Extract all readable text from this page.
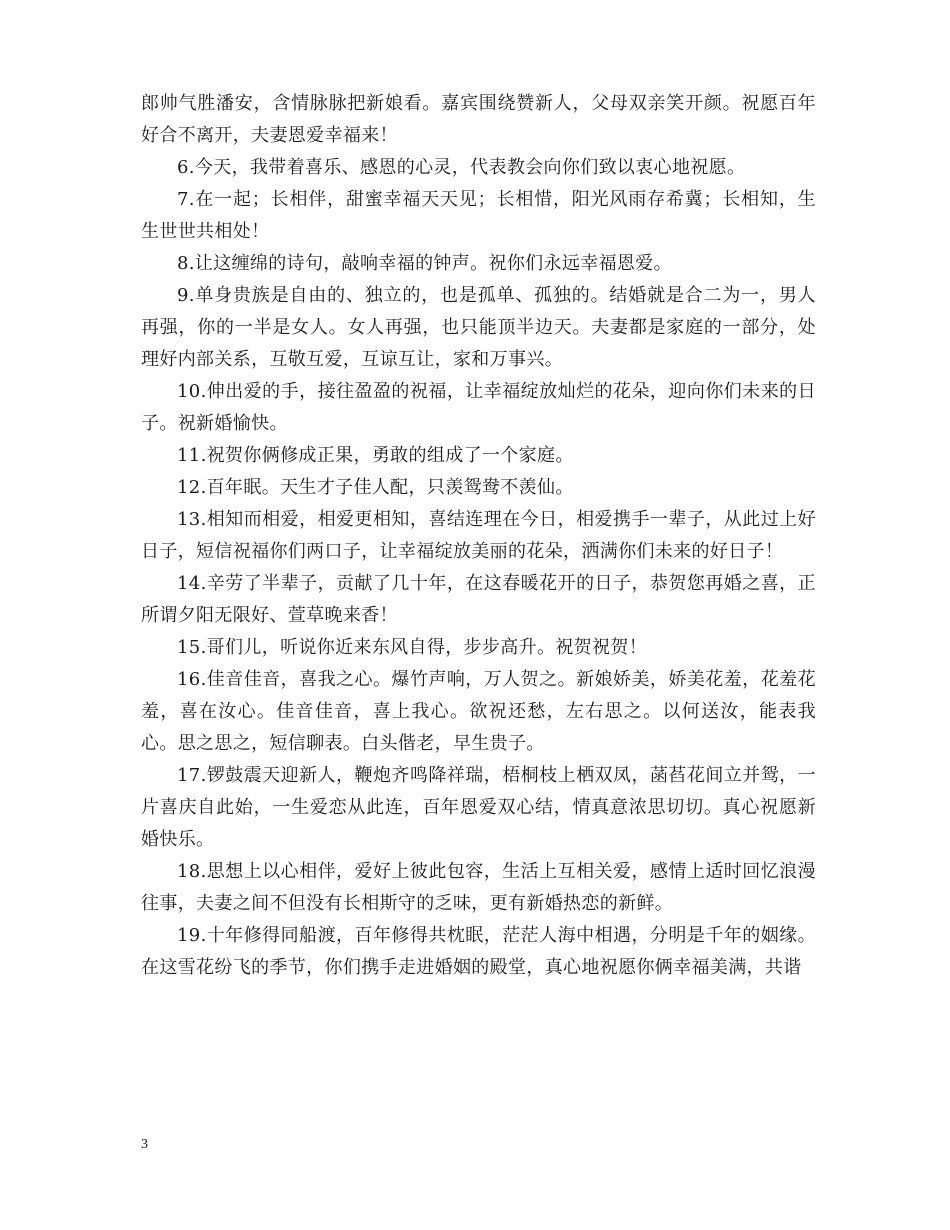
郎帅气胜潘安，含情脉脉把新娘看。嘉宾围绕赞新人，父母双亲笑开颜。祝愿百年好合不离开，夫妻恩爱幸福来！

6.今天，我带着喜乐、感恩的心灵，代表教会向你们致以衷心地祝愿。

7.在一起；长相伴，甜蜜幸福天天见；长相惜，阳光风雨存希冀；长相知，生生世世共相处！

8.让这缠绵的诗句，敲响幸福的钟声。祝你们永远幸福恩爱。

9.单身贵族是自由的、独立的，也是孤单、孤独的。结婚就是合二为一，男人再强，你的一半是女人。女人再强，也只能顶半边天。夫妻都是家庭的一部分，处理好内部关系，互敬互爱，互谅互让，家和万事兴。

10.伸出爱的手，接往盈盈的祝福，让幸福绽放灿烂的花朵，迎向你们未来的日子。祝新婚愉快。

11.祝贺你俩修成正果，勇敢的组成了一个家庭。

12.百年眠。天生才子佳人配，只羡鸳鸯不羡仙。

13.相知而相爱，相爱更相知，喜结连理在今日，相爱携手一辈子，从此过上好日子，短信祝福你们两口子，让幸福绽放美丽的花朵，洒满你们未来的好日子！

14.辛劳了半辈子，贡献了几十年，在这春暖花开的日子，恭贺您再婚之喜，正所谓夕阳无限好、萱草晚来香！

15.哥们儿，听说你近来东风自得，步步高升。祝贺祝贺！

16.佳音佳音，喜我之心。爆竹声响，万人贺之。新娘娇美，娇美花羞，花羞花羞，喜在汝心。佳音佳音，喜上我心。欲祝还愁，左右思之。以何送汝，能表我心。思之思之，短信聊表。白头偕老，早生贵子。

17.锣鼓震天迎新人，鞭炮齐鸣降祥瑞，梧桐枝上栖双凤，菡萏花间立并鸳，一片喜庆自此始，一生爱恋从此连，百年恩爱双心结，情真意浓思切切。真心祝愿新婚快乐。

18.思想上以心相伴，爱好上彼此包容，生活上互相关爱，感情上适时回忆浪漫往事，夫妻之间不但没有长相斯守的乏味，更有新婚热恋的新鲜。

19.十年修得同船渡，百年修得共枕眠，茫茫人海中相遇，分明是千年的姻缘。在这雪花纷飞的季节，你们携手走进婚姻的殿堂，真心地祝愿你俩幸福美满，共谐

3
